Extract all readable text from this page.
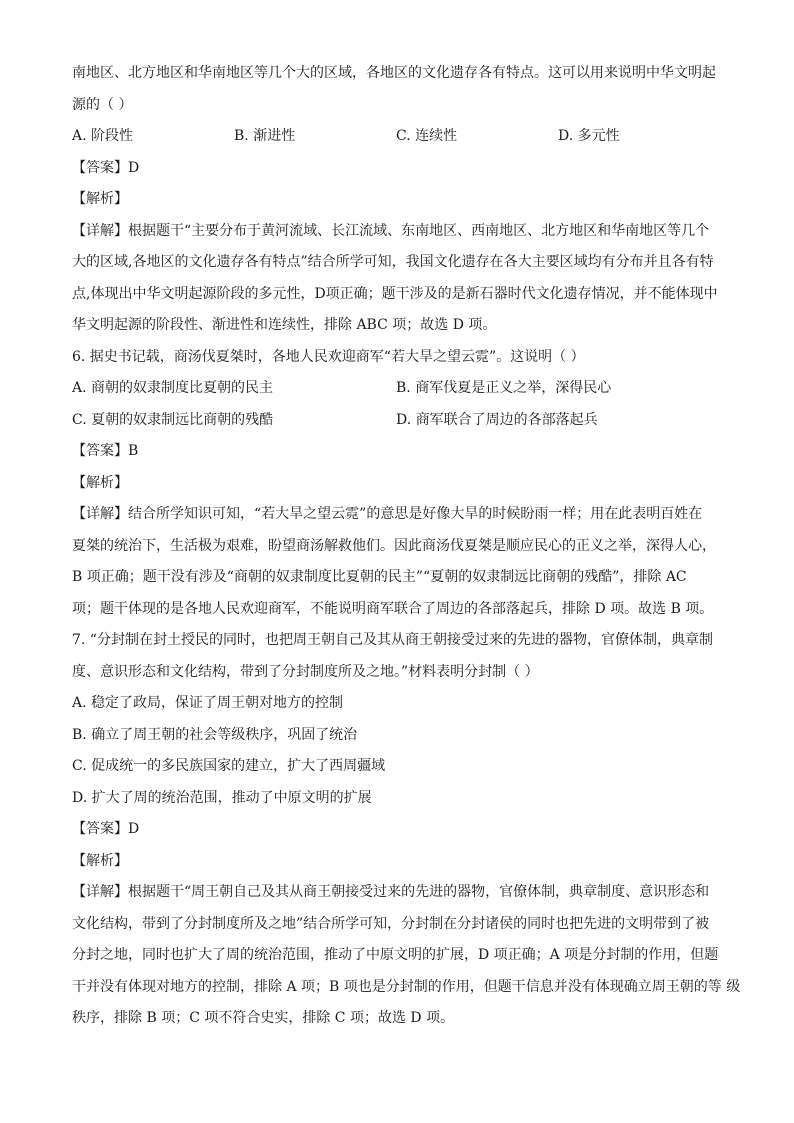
南地区、北方地区和华南地区等几个大的区域，各地区的文化遗存各有特点。这可以用来说明中华文明起
源的（ ）
A. 阶段性	B. 渐进性	C. 连续性	D. 多元性
【答案】D
【解析】
【详解】根据题干“主要分布于黄河流域、长江流域、东南地区、西南地区、北方地区和华南地区等几个
大的区域,各地区的文化遗存各有特点”结合所学可知，我国文化遗存在各大主要区域均有分布并且各有特
点,体现出中华文明起源阶段的多元性，D项正确；题干涉及的是新石器时代文化遗存情况，并不能体现中
华文明起源的阶段性、渐进性和连续性，排除 ABC 项；故选 D 项。
6. 据史书记载，商汤伐夏桀时，各地人民欢迎商军“若大旱之望云霓”。这说明（ ）
A. 商朝的奴隶制度比夏朝的民主	B. 商军伐夏是正义之举，深得民心
C. 夏朝的奴隶制远比商朝的残酷	D. 商军联合了周边的各部落起兵
【答案】B
【解析】
【详解】结合所学知识可知，“若大旱之望云霓”的意思是好像大旱的时候盼雨一样；用在此表明百姓在
夏桀的统治下，生活极为艰难，盼望商汤解救他们。因此商汤伐夏桀是顺应民心的正义之举，深得人心，
B 项正确；题干没有涉及“商朝的奴隶制度比夏朝的民主”“夏朝的奴隶制远比商朝的残酷”，排除 AC
项；题干体现的是各地人民欢迎商军，不能说明商军联合了周边的各部落起兵，排除 D 项。故选 B 项。
7. “分封制在封土授民的同时，也把周王朝自己及其从商王朝接受过来的先进的器物，官僚体制，典章制
度、意识形态和文化结构，带到了分封制度所及之地。”材料表明分封制（ ）
A. 稳定了政局，保证了周王朝对地方的控制
B. 确立了周王朝的社会等级秩序，巩固了统治
C. 促成统一的多民族国家的建立，扩大了西周疆域
D. 扩大了周的统治范围，推动了中原文明的扩展
【答案】D
【解析】
【详解】根据题干“周王朝自己及其从商王朝接受过来的先进的器物，官僚体制，典章制度、意识形态和
文化结构，带到了分封制度所及之地”结合所学可知，分封制在分封诸侯的同时也把先进的文明带到了被
分封之地，同时也扩大了周的统治范围，推动了中原文明的扩展，D 项正确；A 项是分封制的作用，但题
干并没有体现对地方的控制，排除 A 项；B 项也是分封制的作用，但题干信息并没有体现确立周王朝的等 级
秩序，排除 B 项；C 项不符合史实，排除 C 项；故选 D 项。
